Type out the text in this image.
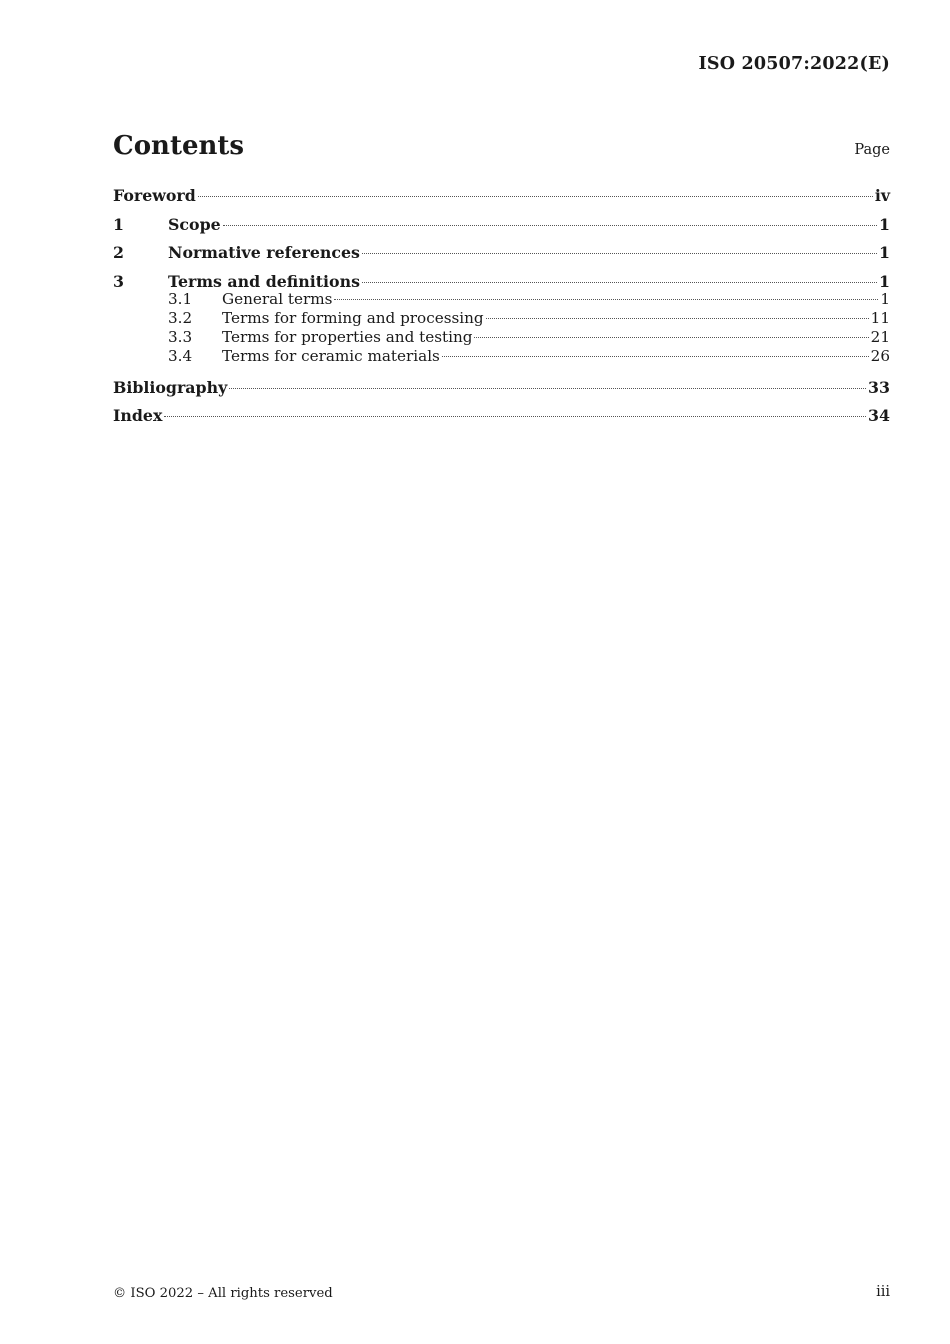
ISO 20507:2022(E)
Contents	Page
Foreword	iv
1	Scope	1
2	Normative references	1
3	Terms and definitions	1
3.1	General terms	1
3.2	Terms for forming and processing	11
3.3	Terms for properties and testing	21
3.4	Terms for ceramic materials	26
Bibliography	33
Index	34
© ISO 2022 – All rights reserved	iii
